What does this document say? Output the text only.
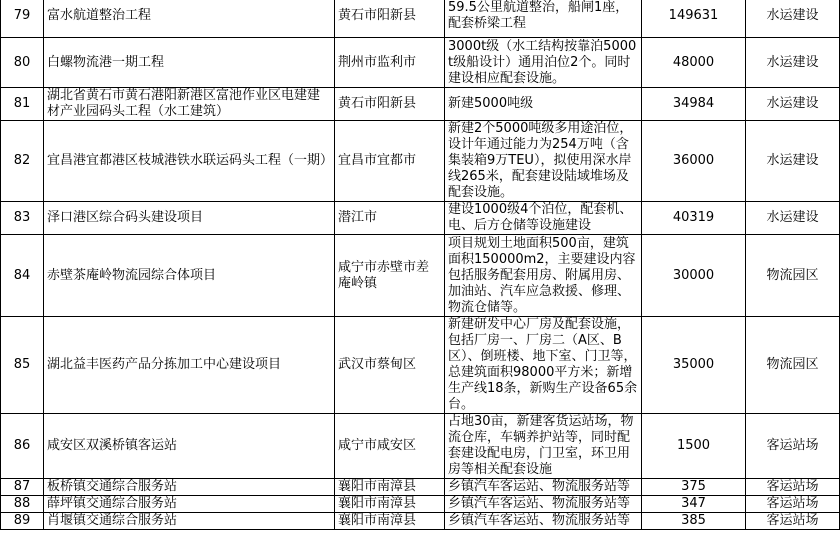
79	富水航道整治工程	黄石市阳新县	59.5公里航道整治，船闸1座，配套桥梁工程	149631	水运建设
80	白螺物流港一期工程	荆州市监利市	3000t级（水工结构按靠泊5000t级船设计）通用泊位2个。同时建设相应配套设施。	48000	水运建设
81	湖北省黄石市黄石港阳新港区富池作业区电建建材产业园码头工程（水工建筑）	黄石市阳新县	新建5000吨级	34984	水运建设
82	宜昌港宜都港区枝城港铁水联运码头工程（一期）	宜昌市宜都市	新建2个5000吨级多用途泊位，设计年通过能力为254万吨（含集装箱9万TEU），拟使用深水岸线265米，配套建设陆域堆场及配套设施。	36000	水运建设
83	泽口港区综合码头建设项目	潜江市	建设1000级4个泊位，配套机、电、后方仓储等设施建设	40319	水运建设
84	赤壁茶庵岭物流园综合体项目	咸宁市赤壁市差庵岭镇	项目规划土地面积500亩，建筑面积150000m2，主要建设内容包括服务配套用房、附属用房、加油站、汽车应急救援、修理、物流仓储等。	30000	物流园区
85	湖北益丰医药产品分拣加工中心建设项目	武汉市蔡甸区	新建研发中心厂房及配套设施，包括厂房一、厂房二（A区、B区）、倒班楼、地下室、门卫等，总建筑面积98000平方米；新增生产线18条，新购生产设备65余台。	35000	物流园区
86	咸安区双溪桥镇客运站	咸宁市咸安区	占地30亩，新建客货运站场，物流仓库，车辆养护站等，同时配套建设配电房，门卫室，环卫用房等相关配套设施	1500	客运站场
87	板桥镇交通综合服务站	襄阳市南漳县	乡镇汽车客运站、物流服务站等	375	客运站场
88	薛坪镇交通综合服务站	襄阳市南漳县	乡镇汽车客运站、物流服务站等	347	客运站场
89	肖堰镇交通综合服务站	襄阳市南漳县	乡镇汽车客运站、物流服务站等	385	客运站场
